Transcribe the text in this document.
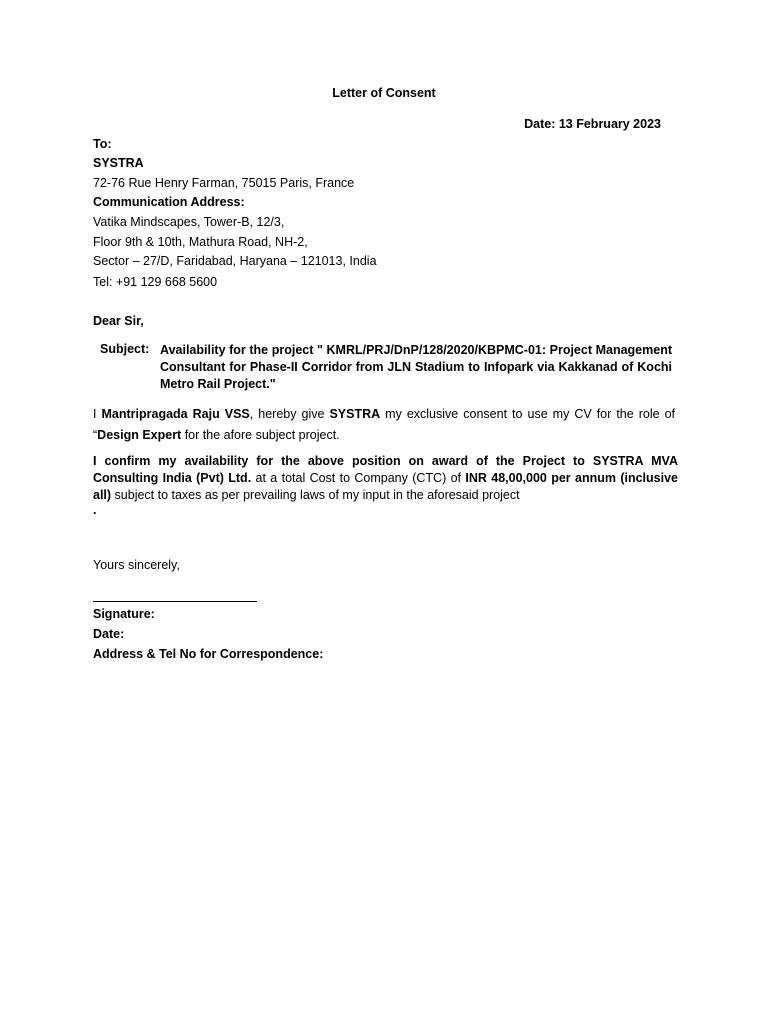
Letter of Consent
Date: 13 February 2023
To:
SYSTRA
72-76 Rue Henry Farman, 75015 Paris, France
Communication Address:
Vatika Mindscapes, Tower-B, 12/3,
Floor 9th & 10th, Mathura Road, NH-2,
Sector – 27/D, Faridabad, Haryana – 121013, India
Tel: +91 129 668 5600
Dear Sir,
Subject: Availability for the project " KMRL/PRJ/DnP/128/2020/KBPMC-01: Project Management Consultant for Phase-II Corridor from JLN Stadium to Infopark via Kakkanad of Kochi Metro Rail Project."
I Mantripragada Raju VSS, hereby give SYSTRA my exclusive consent to use my CV for the role of
“Design Expert for the afore subject project.
I confirm my availability for the above position on award of the Project to SYSTRA MVA Consulting India (Pvt) Ltd. at a total Cost to Company (CTC) of INR 48,00,000 per annum (inclusive all) subject to taxes as per prevailing laws of my input in the aforesaid project
.
Yours sincerely,
Signature:
Date:
Address & Tel No for Correspondence:
